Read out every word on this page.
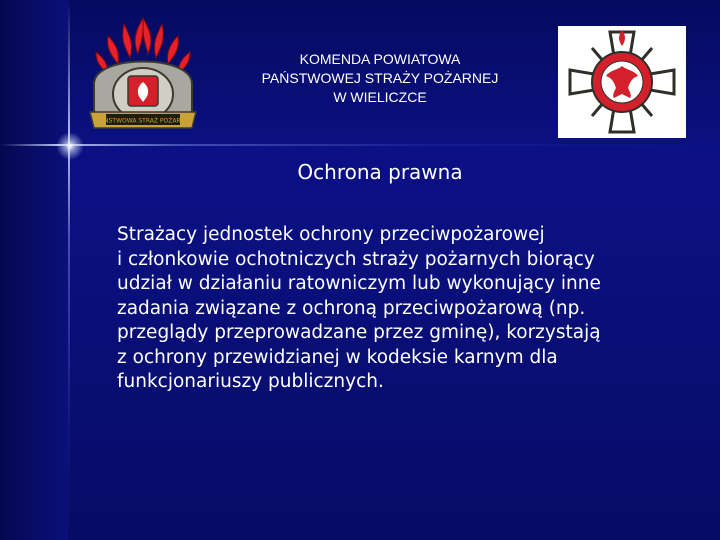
PAŃSTWOWA STRAŻ POŻARNA
KOMENDA POWIATOWA
PAŃSTWOWEJ STRAŻY POŻARNEJ
W WIELICZCE
Ochrona prawna
Strażacy jednostek ochrony przeciwpożarowej
i członkowie ochotniczych straży pożarnych biorący
udział w działaniu ratowniczym lub wykonujący inne
zadania związane z ochroną przeciwpożarową (np.
przeglądy przeprowadzane przez gminę), korzystają
z ochrony przewidzianej w kodeksie karnym dla
funkcjonariuszy publicznych.
